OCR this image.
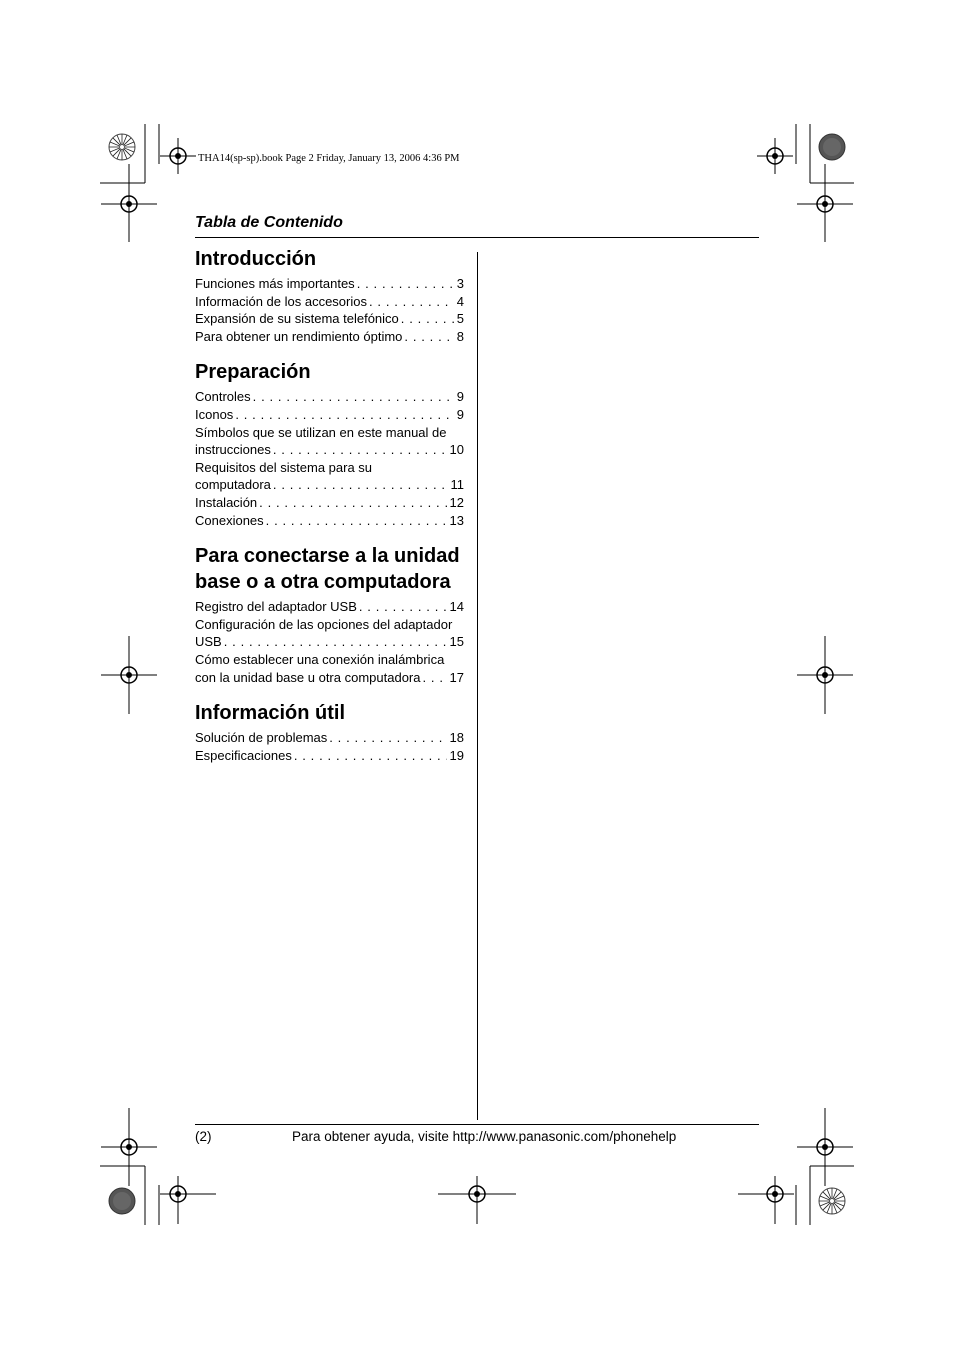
THA14(sp-sp).book Page 2 Friday, January 13, 2006 4:36 PM
Tabla de Contenido
Introducción
Funciones más importantes . . .	3
Información de los accesorios . . .	4
Expansión de su sistema telefónico . . .	5
Para obtener un rendimiento óptimo . . .	8
Preparación
Controles . . .	9
Iconos . . .	9
Símbolos que se utilizan en este manual de
instrucciones . . .	10
Requisitos del sistema para su
computadora . . .	11
Instalación . . .	12
Conexiones . . .	13
Para conectarse a la unidad
base o a otra computadora
Registro del adaptador USB . . .	14
Configuración de las opciones del adaptador
USB . . .	15
Cómo establecer una conexión inalámbrica
con la unidad base u otra computadora . . . 17
Información útil
Solución de problemas . . .	18
Especificaciones . . .	19
(2)	Para obtener ayuda, visite http://www.panasonic.com/phonehelp
